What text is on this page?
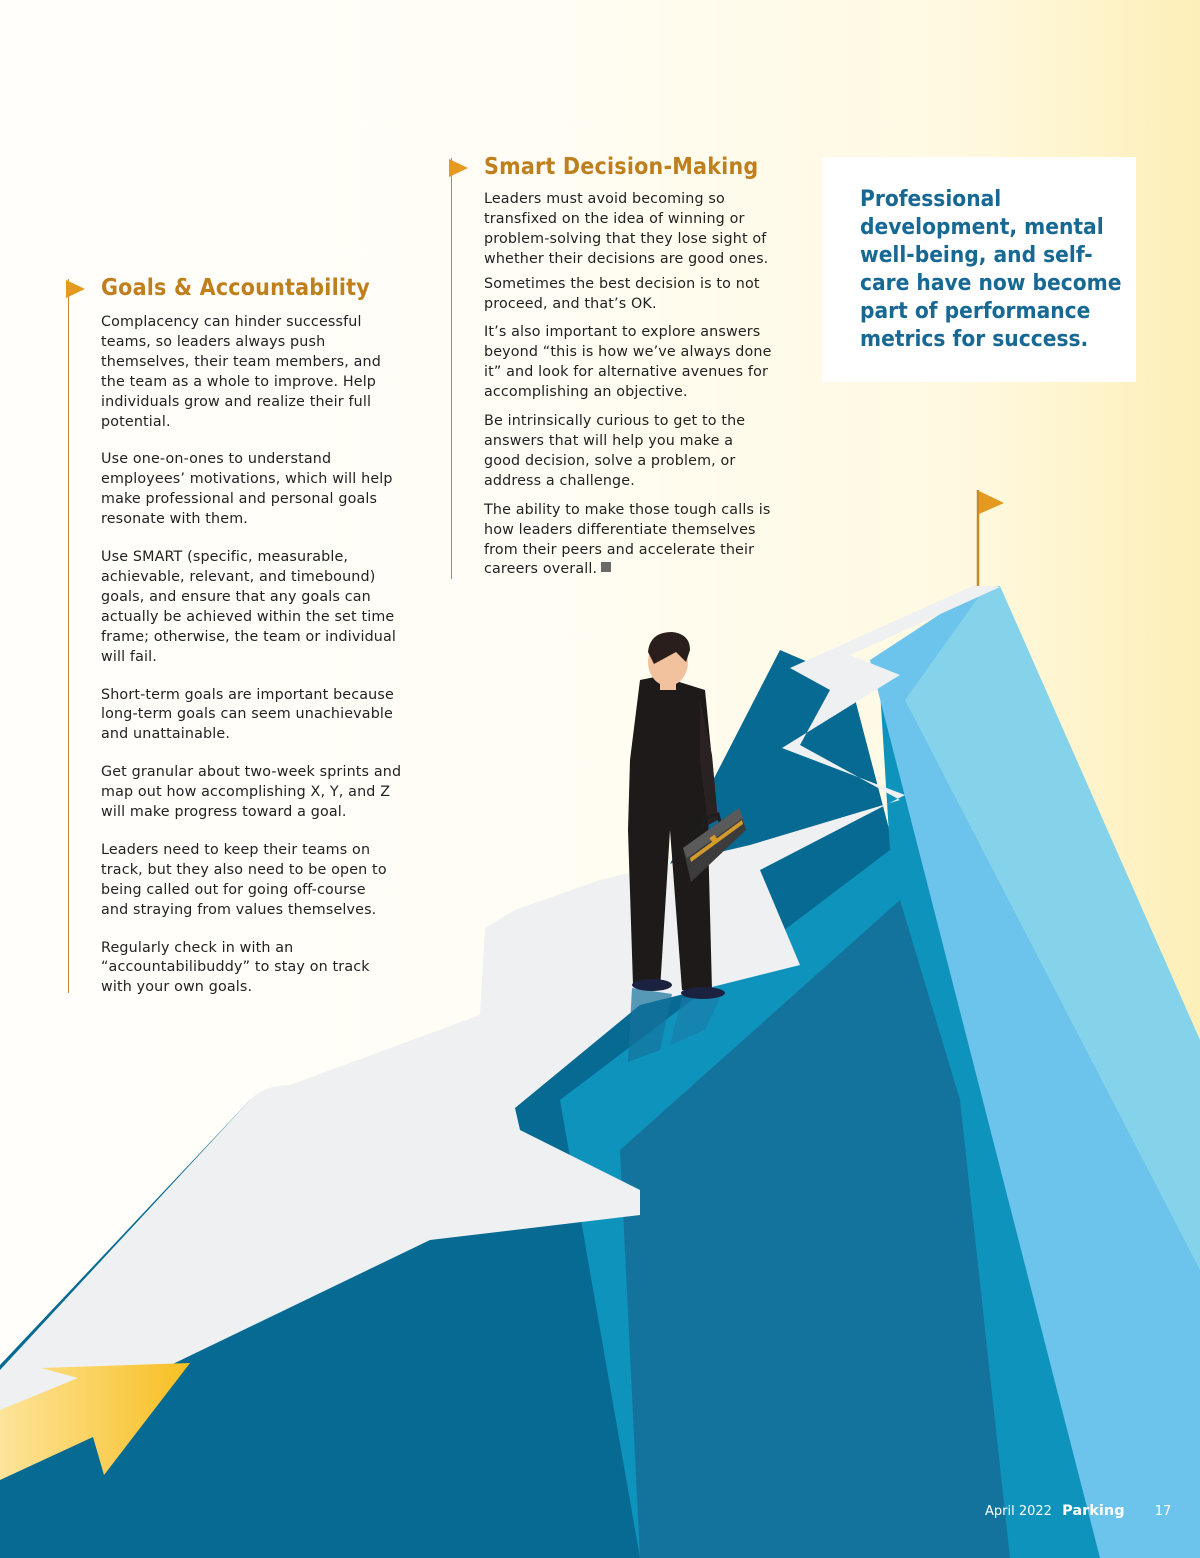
Goals & Accountability

Complacency can hinder successful teams, so leaders always push themselves, their team members, and the team as a whole to improve. Help individuals grow and realize their full potential.

Use one-on-ones to understand employees’ motivations, which will help make professional and personal goals resonate with them.

Use SMART (specific, measurable, achievable, relevant, and timebound) goals, and ensure that any goals can actually be achieved within the set time frame; otherwise, the team or individual will fail.

Short-term goals are important because long-term goals can seem unachievable and unattainable.

Get granular about two-week sprints and map out how accomplishing X, Y, and Z will make progress toward a goal.

Leaders need to keep their teams on track, but they also need to be open to being called out for going off-course and straying from values themselves.

Regularly check in with an “accountabilibuddy” to stay on track with your own goals.

Smart Decision-Making

Leaders must avoid becoming so transfixed on the idea of winning or problem-solving that they lose sight of whether their decisions are good ones.

Sometimes the best decision is to not proceed, and that’s OK.

It’s also important to explore answers beyond “this is how we’ve always done it” and look for alternative avenues for accomplishing an objective.

Be intrinsically curious to get to the answers that will help you make a good decision, solve a problem, or address a challenge.

The ability to make those tough calls is how leaders differentiate themselves from their peers and accelerate their careers overall.

Professional development, mental well-being, and self-care have now become part of performance metrics for success.

April 2022 Parking 17
